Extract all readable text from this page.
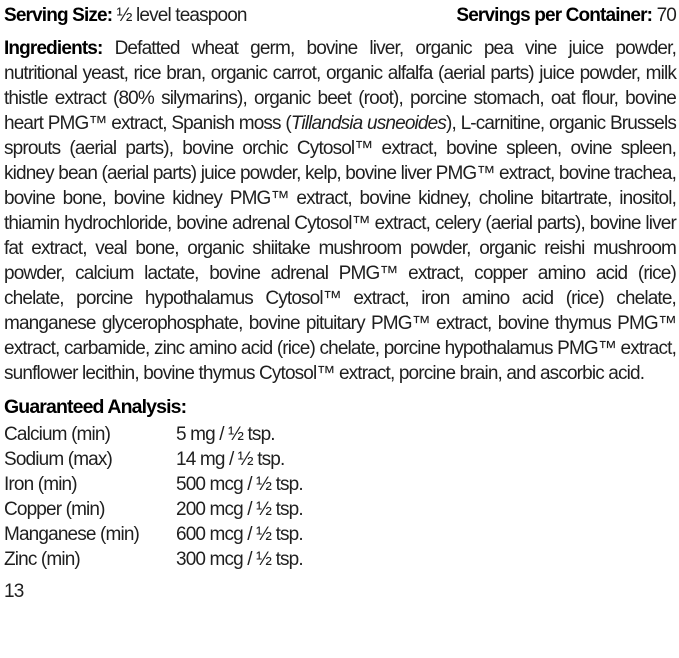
Serving Size: ½ level teaspoon	Servings per Container: 70

Ingredients: Defatted wheat germ, bovine liver, organic pea vine juice powder, nutritional yeast, rice bran, organic carrot, organic alfalfa (aerial parts) juice powder, milk thistle extract (80% silymarins), organic beet (root), porcine stomach, oat flour, bovine heart PMG™ extract, Spanish moss (Tillandsia usneoides), L-carnitine, organic Brussels sprouts (aerial parts), bovine orchic Cytosol™ extract, bovine spleen, ovine spleen, kidney bean (aerial parts) juice powder, kelp, bovine liver PMG™ extract, bovine trachea, bovine bone, bovine kidney PMG™ extract, bovine kidney, choline bitartrate, inositol, thiamin hydrochloride, bovine adrenal Cytosol™ extract, celery (aerial parts), bovine liver fat extract, veal bone, organic shiitake mushroom powder, organic reishi mushroom powder, calcium lactate, bovine adrenal PMG™ extract, copper amino acid (rice) chelate, porcine hypothalamus Cytosol™ extract, iron amino acid (rice) chelate, manganese glycerophosphate, bovine pituitary PMG™ extract, bovine thymus PMG™ extract, carbamide, zinc amino acid (rice) chelate, porcine hypothalamus PMG™ extract, sunflower lecithin, bovine thymus Cytosol™ extract, porcine brain, and ascorbic acid.

Guaranteed Analysis:
Calcium (min)	5 mg / ½ tsp.
Sodium (max)	14 mg / ½ tsp.
Iron (min)	500 mcg / ½ tsp.
Copper (min)	200 mcg / ½ tsp.
Manganese (min)	600 mcg / ½ tsp.
Zinc (min)	300 mcg / ½ tsp.
13
